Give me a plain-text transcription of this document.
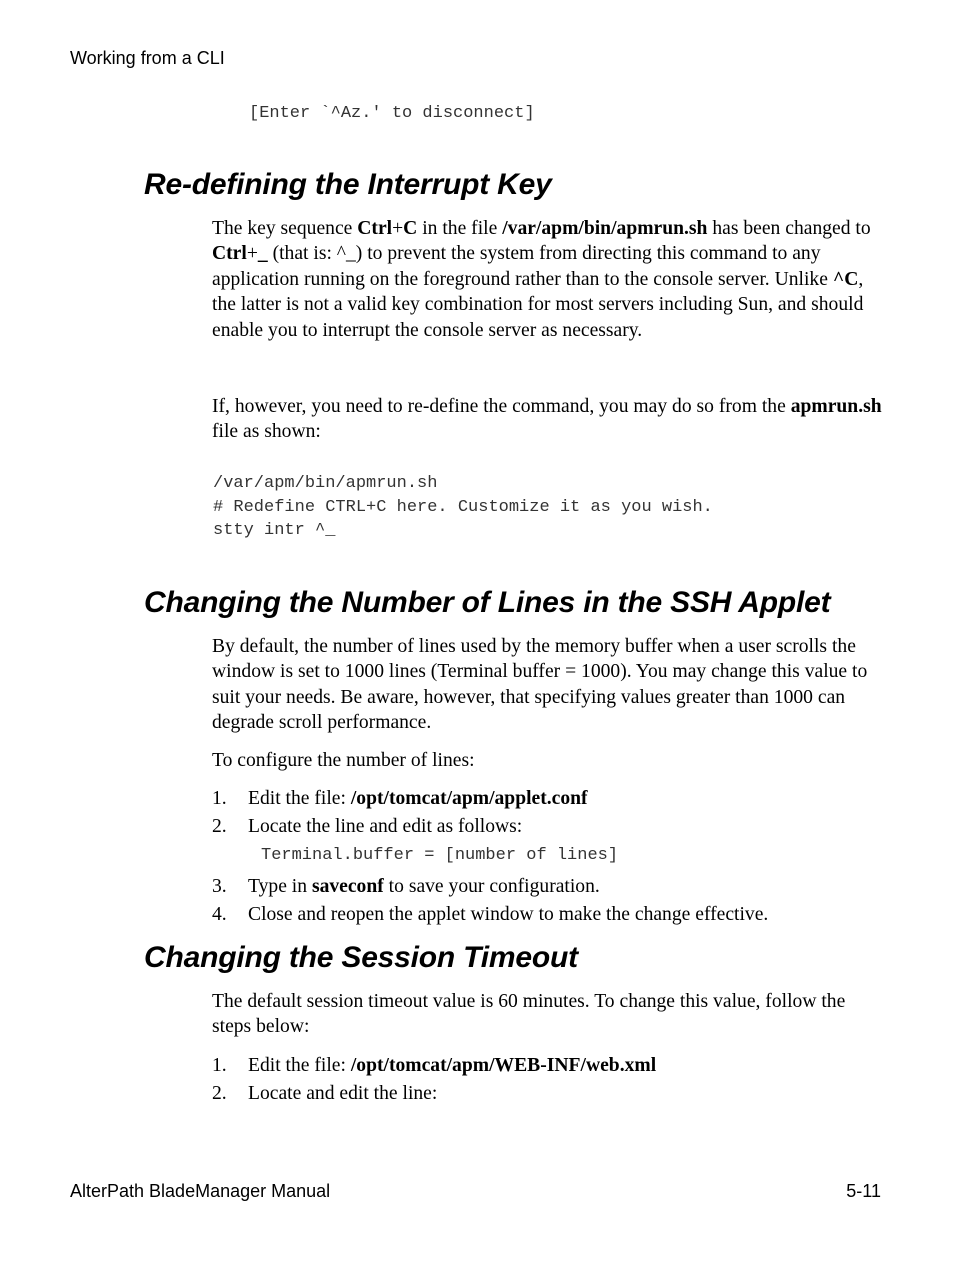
Working from a CLI
[Enter `^Az.' to disconnect]
Re-defining the Interrupt Key

The key sequence Ctrl+C in the file /var/apm/bin/apmrun.sh has been changed to Ctrl+_ (that is: ^_) to prevent the system from directing this command to any application running on the foreground rather than to the console server. Unlike ^C, the latter is not a valid key combination for most servers including Sun, and should enable you to interrupt the console server as necessary.

If, however, you need to re-define the command, you may do so from the apmrun.sh file as shown:

/var/apm/bin/apmrun.sh
# Redefine CTRL+C here. Customize it as you wish.
stty intr ^_
Changing the Number of Lines in the SSH Applet

By default, the number of lines used by the memory buffer when a user scrolls the window is set to 1000 lines (Terminal buffer = 1000). You may change this value to suit your needs. Be aware, however, that specifying values greater than 1000 can degrade scroll performance.

To configure the number of lines:

1. Edit the file: /opt/tomcat/apm/applet.conf
2. Locate the line and edit as follows:
Terminal.buffer = [number of lines]
3. Type in saveconf to save your configuration.
4. Close and reopen the applet window to make the change effective.
Changing the Session Timeout

The default session timeout value is 60 minutes. To change this value, follow the steps below:

1. Edit the file: /opt/tomcat/apm/WEB-INF/web.xml
2. Locate and edit the line:
AlterPath BladeManager Manual	5-11
